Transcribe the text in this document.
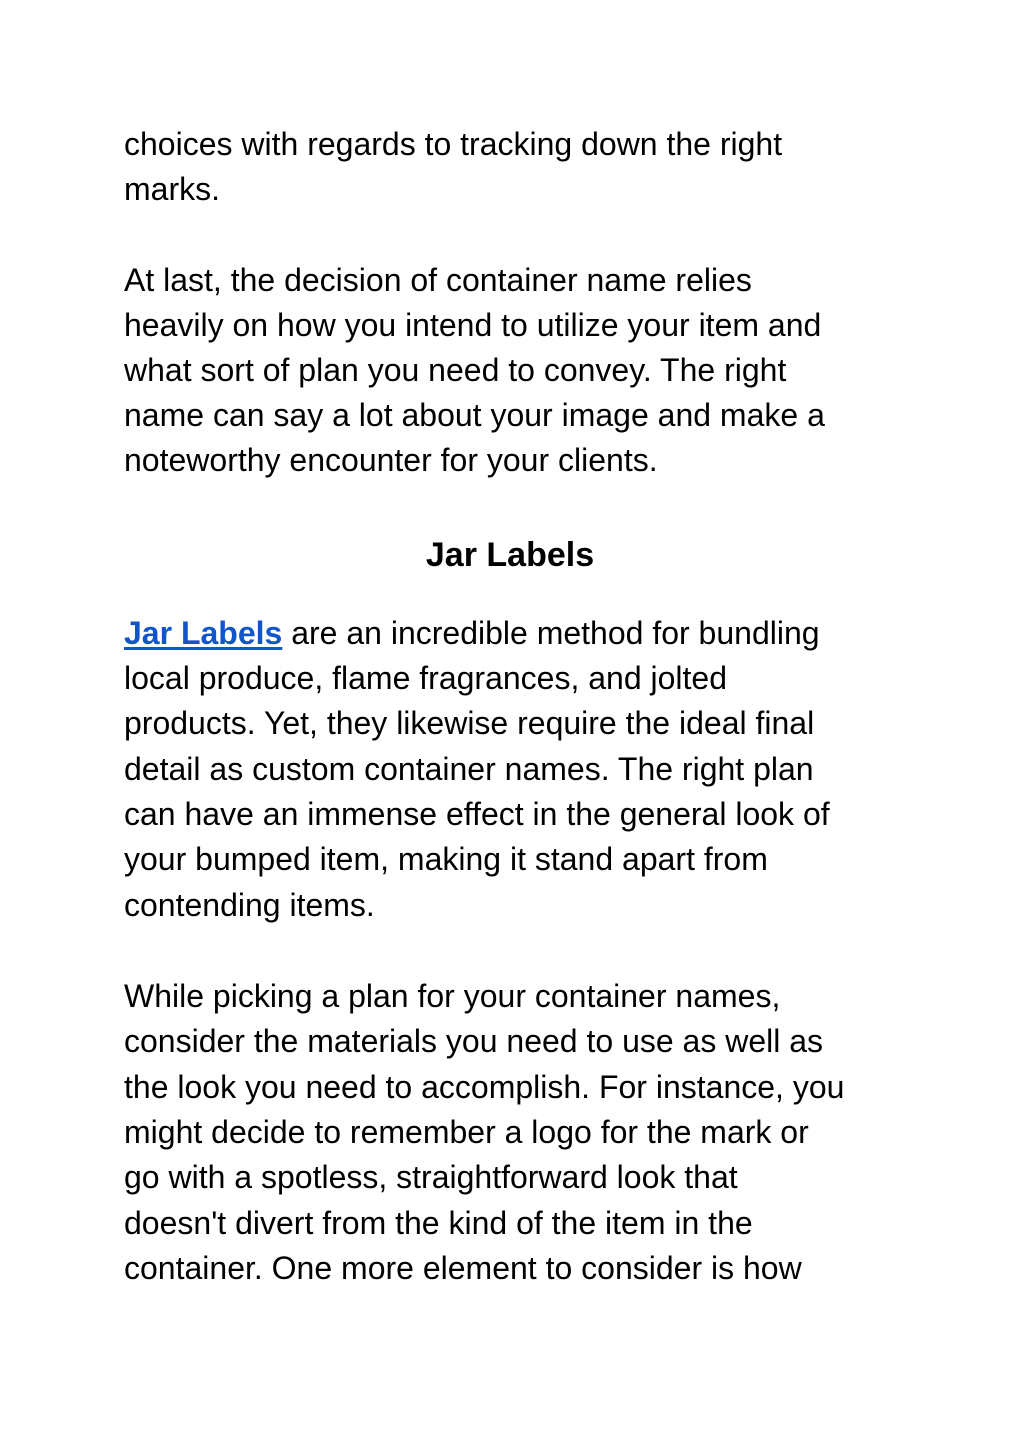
choices with regards to tracking down the right
marks.
At last, the decision of container name relies
heavily on how you intend to utilize your item and
what sort of plan you need to convey. The right
name can say a lot about your image and make a
noteworthy encounter for your clients.
Jar Labels
Jar Labels are an incredible method for bundling
local produce, flame fragrances, and jolted
products. Yet, they likewise require the ideal final
detail as custom container names. The right plan
can have an immense effect in the general look of
your bumped item, making it stand apart from
contending items.
While picking a plan for your container names,
consider the materials you need to use as well as
the look you need to accomplish. For instance, you
might decide to remember a logo for the mark or
go with a spotless, straightforward look that
doesn't divert from the kind of the item in the
container. One more element to consider is how
